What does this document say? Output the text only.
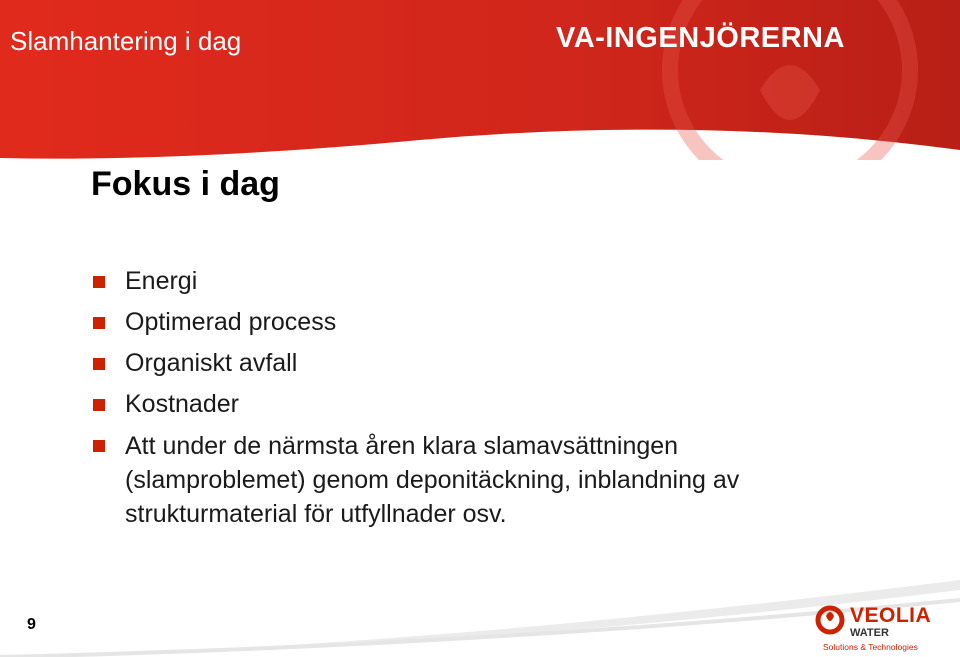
Slamhantering i dag	VA-INGENJÖRERNA
Fokus i dag
Energi
Optimerad process
Organiskt avfall
Kostnader
Att under de närmsta åren klara slamavsättningen (slamproblemet) genom deponitäckning, inblandning av strukturmaterial för utfyllnader osv.
9	VEOLIA
WATER
Solutions & Technologies
